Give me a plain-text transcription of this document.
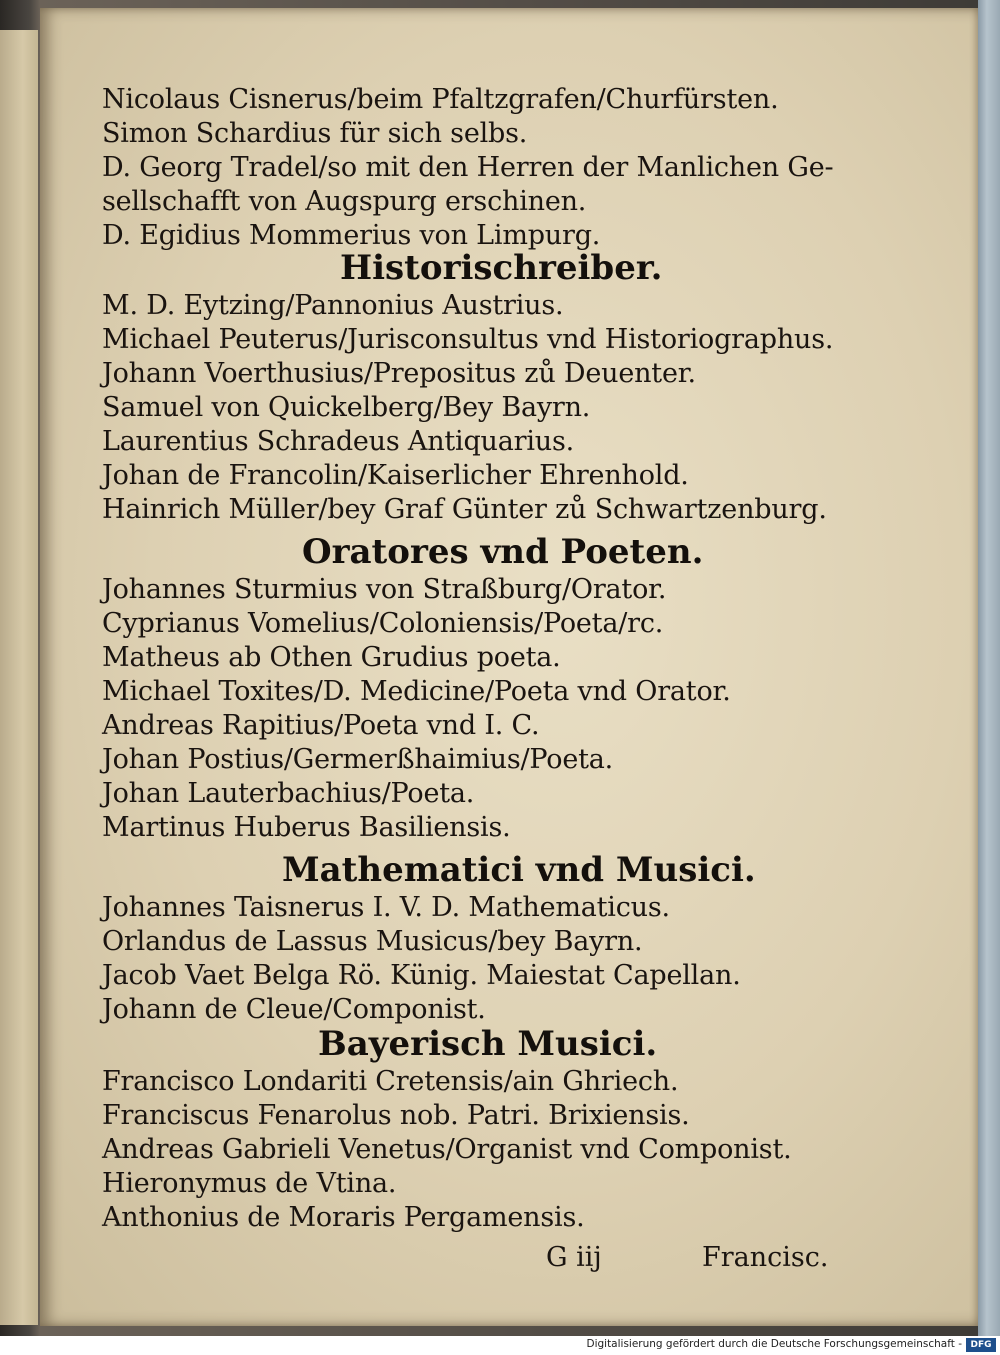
Nicolaus Cisnerus/beim Pfaltzgrafen/Churfürsten.
Simon Schardius für sich selbs.
D. Georg Tradel/so mit den Herren der Manlichen Ge-
sellschafft von Augspurg erschinen.
D. Egidius Mommerius von Limpurg.
Historischreiber.
M. D. Eytzing/Pannonius Austrius.
Michael Peuterus/Jurisconsultus vnd Historiographus.
Johann Voerthusius/Prepositus zů Deuenter.
Samuel von Quickelberg/Bey Bayrn.
Laurentius Schradeus Antiquarius.
Johan de Francolin/Kaiserlicher Ehrenhold.
Hainrich Müller/bey Graf Günter zů Schwartzenburg.
Oratores vnd Poeten.
Johannes Sturmius von Straßburg/Orator.
Cyprianus Vomelius/Coloniensis/Poeta/rc.
Matheus ab Othen Grudius poeta.
Michael Toxites/D. Medicine/Poeta vnd Orator.
Andreas Rapitius/Poeta vnd I. C.
Johan Postius/Germerßhaimius/Poeta.
Johan Lauterbachius/Poeta.
Martinus Huberus Basiliensis.
Mathematici vnd Musici.
Johannes Taisnerus I. V. D. Mathematicus.
Orlandus de Lassus Musicus/bey Bayrn.
Jacob Vaet Belga Rö. Künig. Maiestat Capellan.
Johann de Cleue/Componist.
Bayerisch Musici.
Francisco Londariti Cretensis/ain Ghriech.
Franciscus Fenarolus nob. Patri. Brixiensis.
Andreas Gabrieli Venetus/Organist vnd Componist.
Hieronymus de Vtina.
Anthonius de Moraris Pergamensis.
G iij	Francisc.
Digitalisierung gefördert durch die Deutsche Forschungsgemeinschaft - DFG
